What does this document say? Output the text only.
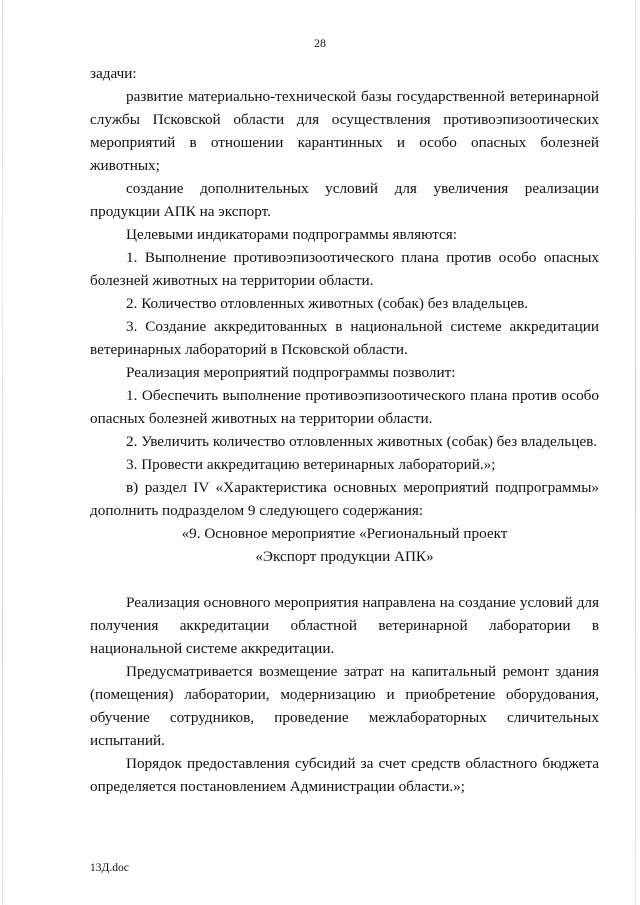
28

задачи:

развитие материально-технической базы государственной ветеринарной службы Псковской области для осуществления противоэпизоотических мероприятий в отношении карантинных и особо опасных болезней животных;

создание дополнительных условий для увеличения реализации продукции АПК на экспорт.

Целевыми индикаторами подпрограммы являются:

1. Выполнение противоэпизоотического плана против особо опасных болезней животных на территории области.

2. Количество отловленных животных (собак) без владельцев.

3. Создание аккредитованных в национальной системе аккредитации ветеринарных лабораторий в Псковской области.

Реализация мероприятий подпрограммы позволит:

1. Обеспечить выполнение противоэпизоотического плана против особо опасных болезней животных на территории области.

2. Увеличить количество отловленных животных (собак) без владельцев.

3. Провести аккредитацию ветеринарных лабораторий.»;

в) раздел IV «Характеристика основных мероприятий подпрограммы» дополнить подразделом 9 следующего содержания:

«9. Основное мероприятие «Региональный проект

«Экспорт продукции АПК»

Реализация основного мероприятия направлена на создание условий для получения аккредитации областной ветеринарной лаборатории в национальной системе аккредитации.

Предусматривается возмещение затрат на капитальный ремонт здания (помещения) лаборатории, модернизацию и приобретение оборудования, обучение сотрудников, проведение межлабораторных сличительных испытаний.

Порядок предоставления субсидий за счет средств областного бюджета определяется постановлением Администрации области.»;

13Д.doc
